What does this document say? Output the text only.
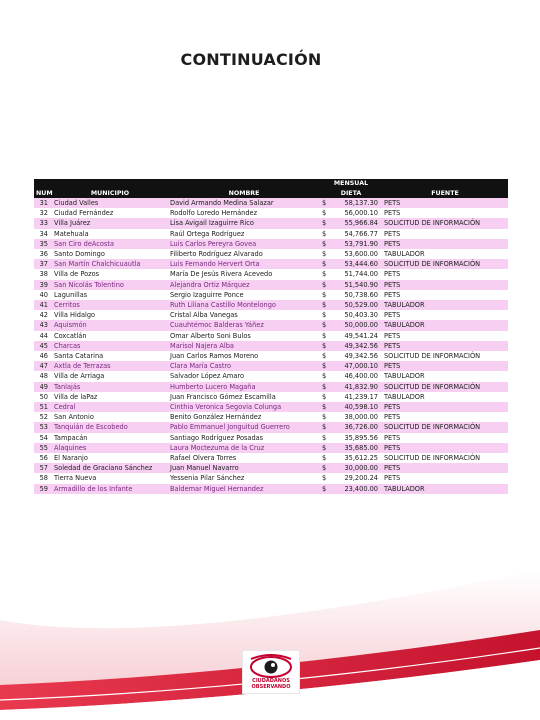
CONTINUACIÓN
			MENSUAL		
NUM	MUNICIPIO	NOMBRE	DIETA		FUENTE
31	Ciudad Valles	David Armando Medina Salazar	$	58,137.30	PETS
32	Ciudad Fernández	Rodolfo Loredo Hernández	$	56,000.10	PETS
33	Villa Juárez	Lisa Avigail Izaguirre Rico	$	55,966.84	SOLICITUD DE INFORMACIÓN
34	Matehuala	Raúl Ortega Rodríguez	$	54,766.77	PETS
35	San Ciro deAcosta	Luis Carlos Pereyra Govea	$	53,791.90	PETS
36	Santo Domingo	Filiberto Rodríguez Alvarado	$	53,600.00	TABULADOR
37	San Martín Chalchicuautla	Luis Fernando Hervert Orta	$	53,444.60	SOLICITUD DE INFORMACIÓN
38	Villa de Pozos	María De Jesús Rivera Acevedo	$	51,744.00	PETS
39	San Nicolás Tolentino	Alejandra Ortiz Márquez	$	51,540.90	PETS
40	Lagunillas	Sergio Izaguirre Ponce	$	50,738.60	PETS
41	Cerritos	Ruth Liliana Castillo Montelongo	$	50,529.00	TABULADOR
42	Villa Hidalgo	Cristal Alba Vanegas	$	50,403.30	PETS
43	Aquismón	Cuauhtémoc Balderas Yáñez	$	50,000.00	TABULADOR
44	Coxcatlán	Omar Alberto Soni Bulos	$	49,541.24	PETS
45	Charcas	Marisol Najera Alba	$	49,342.56	PETS
46	Santa Catarina	Juan Carlos Ramos Moreno	$	49,342.56	SOLICITUD DE INFORMACIÓN
47	Axtla de Terrazas	Clara María Castro	$	47,000.10	PETS
48	Villa de Arriaga	Salvador López Amaro	$	46,400.00	TABULADOR
49	Tanlajás	Humberto Lucero Magaña	$	41,832.90	SOLICITUD DE INFORMACIÓN
50	Villa de laPaz	Juan Francisco Gómez Escamilla	$	41,239.17	TABULADOR
51	Cedral	Cinthia Veronica Segovia Colunga	$	40,598.10	PETS
52	San Antonio	Benito González Hernández	$	38,000.00	PETS
53	Tanquián de Escobedo	Pablo Emmanuel Jonguitud Guerrero	$	36,726.00	SOLICITUD DE INFORMACIÓN
54	Tampacán	Santiago Rodríguez Posadas	$	35,895.56	PETS
55	Alaquines	Laura Moctezuma de la Cruz	$	35,685.00	PETS
56	El Naranjo	Rafael Olvera Torres	$	35,612.25	SOLICITUD DE INFORMACIÓN
57	Soledad de Graciano Sánchez	Juan Manuel Navarro	$	30,000.00	PETS
58	Tierra Nueva	Yessenia Pilar Sánchez	$	29,200.24	PETS
59	Armadillo de los Infante	Baldemar Miguel Hernandez	$	23,400.00	TABULADOR
CIUDADANOS
OBSERVANDO
